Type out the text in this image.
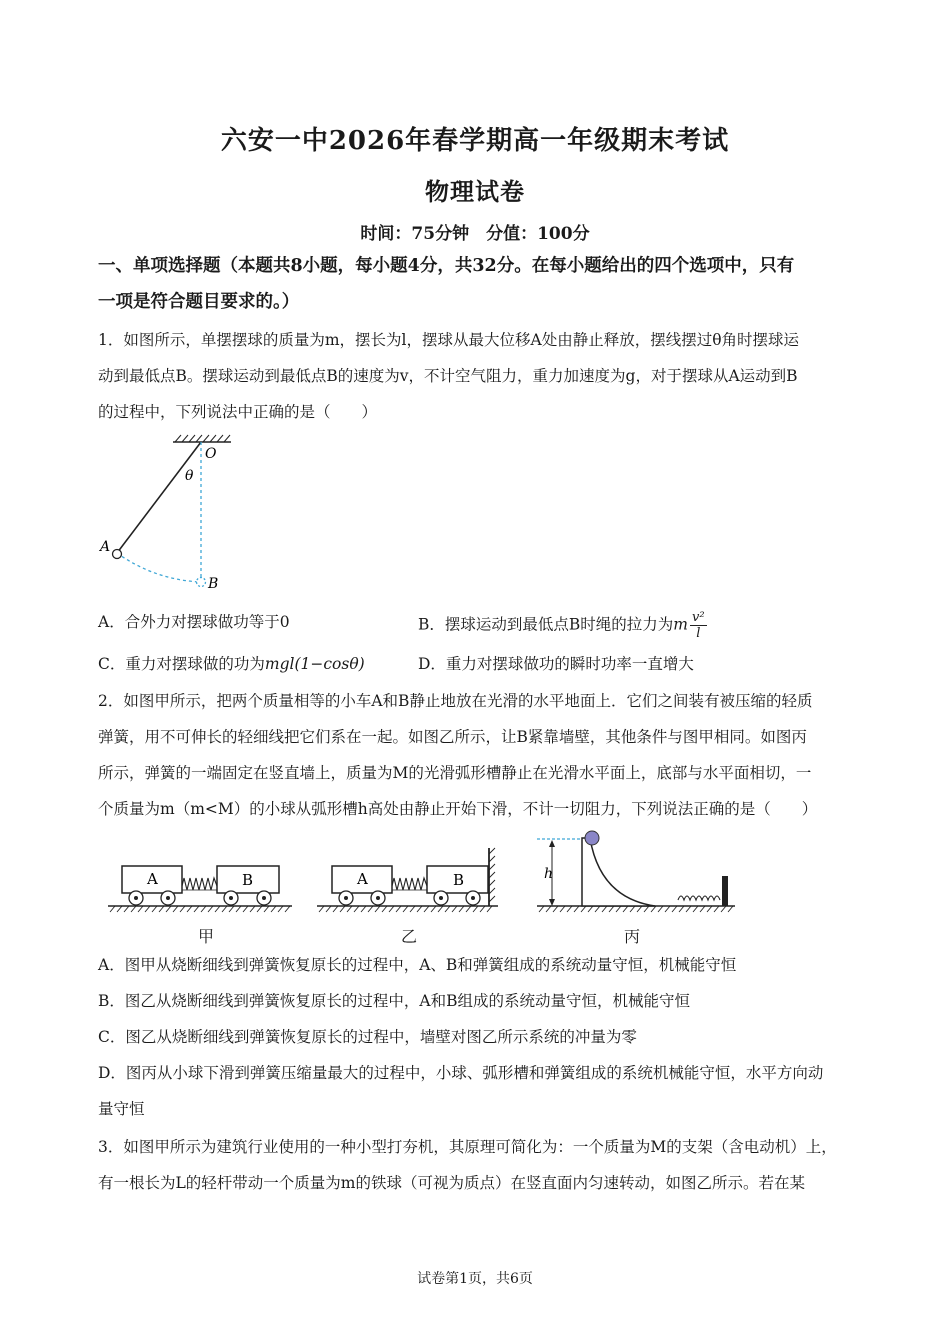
六安一中2026年春学期高一年级期末考试
物理试卷
时间：75分钟　分值：100分
一、单项选择题（本题共8小题，每小题4分，共32分。在每小题给出的四个选项中，只有
一项是符合题目要求的。）
1．如图所示，单摆摆球的质量为m，摆长为l，摆球从最大位移A处由静止释放，摆线摆过θ角时摆球运
动到最低点B。摆球运动到最低点B的速度为v，不计空气阻力，重力加速度为g，对于摆球从A运动到B
的过程中，下列说法中正确的是（　　）
O
θ
A
B
A．合外力对摆球做功等于0	B．摆球运动到最低点B时绳的拉力为m $\frac{\text{v²}}{l}$
C．重力对摆球做的功为mgl(1−cosθ)	D．重力对摆球做功的瞬时功率一直增大
2．如图甲所示，把两个质量相等的小车A和B静止地放在光滑的水平地面上．它们之间装有被压缩的轻质
弹簧，用不可伸长的轻细线把它们系在一起。如图乙所示，让B紧靠墙壁，其他条件与图甲相同。如图丙
所示，弹簧的一端固定在竖直墙上，质量为M的光滑弧形槽静止在光滑水平面上，底部与水平面相切，一
个质量为m（m<M）的小球从弧形槽h高处由静止开始下滑，不计一切阻力，下列说法正确的是（　　）
A	B	A	B	h
甲	乙	丙
A．图甲从烧断细线到弹簧恢复原长的过程中，A、B和弹簧组成的系统动量守恒，机械能守恒
B．图乙从烧断细线到弹簧恢复原长的过程中，A和B组成的系统动量守恒，机械能守恒
C．图乙从烧断细线到弹簧恢复原长的过程中，墙壁对图乙所示系统的冲量为零
D．图丙从小球下滑到弹簧压缩量最大的过程中，小球、弧形槽和弹簧组成的系统机械能守恒，水平方向动
量守恒
3．如图甲所示为建筑行业使用的一种小型打夯机，其原理可简化为：一个质量为M的支架（含电动机）上，
有一根长为L的轻杆带动一个质量为m的铁球（可视为质点）在竖直面内匀速转动，如图乙所示。若在某
试卷第1页，共6页
